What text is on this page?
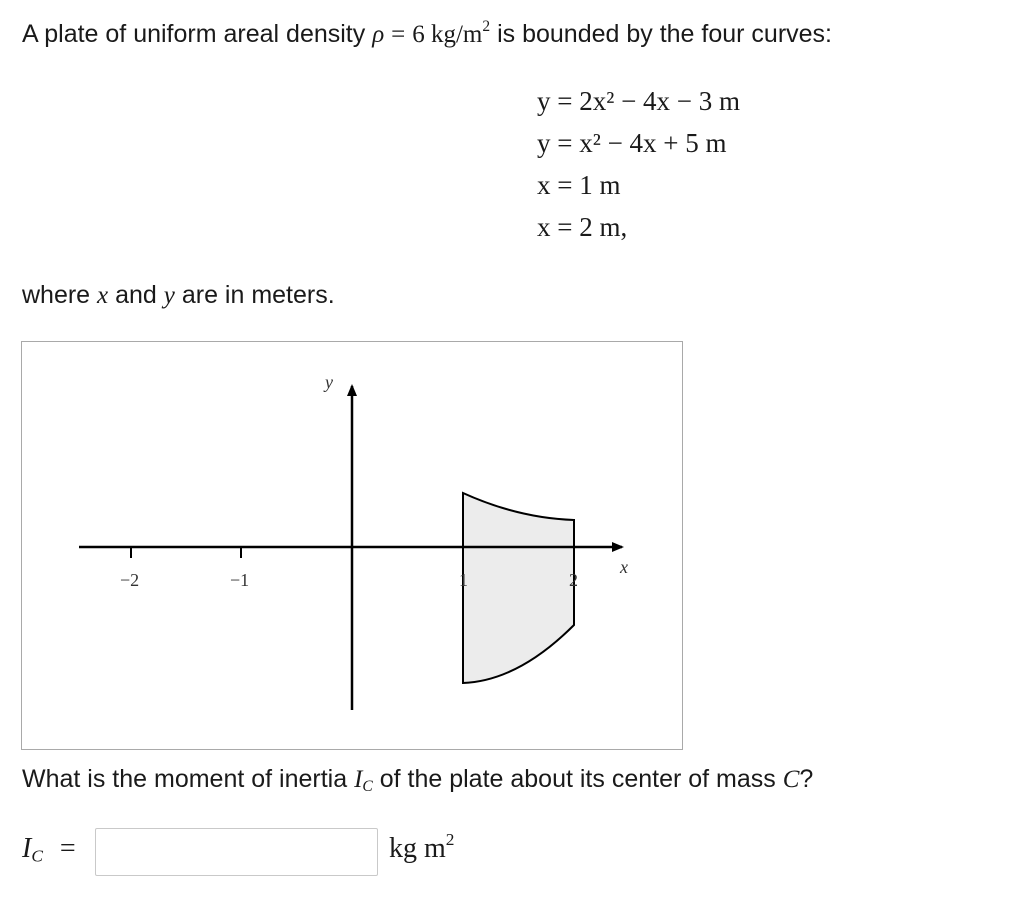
A plate of uniform areal density ρ = 6 $kg/m^2$ is bounded by the four curves:
y = 2x² − 4x − 3 m
y = x² − 4x + 5 m
x = 1 m
x = 2 m,
where x and y are in meters.
y
x
−2	−1	1	2
What is the moment of inertia $I_C$ of the plate about its center of mass C?
$I_C$ =	kg $m^2$
